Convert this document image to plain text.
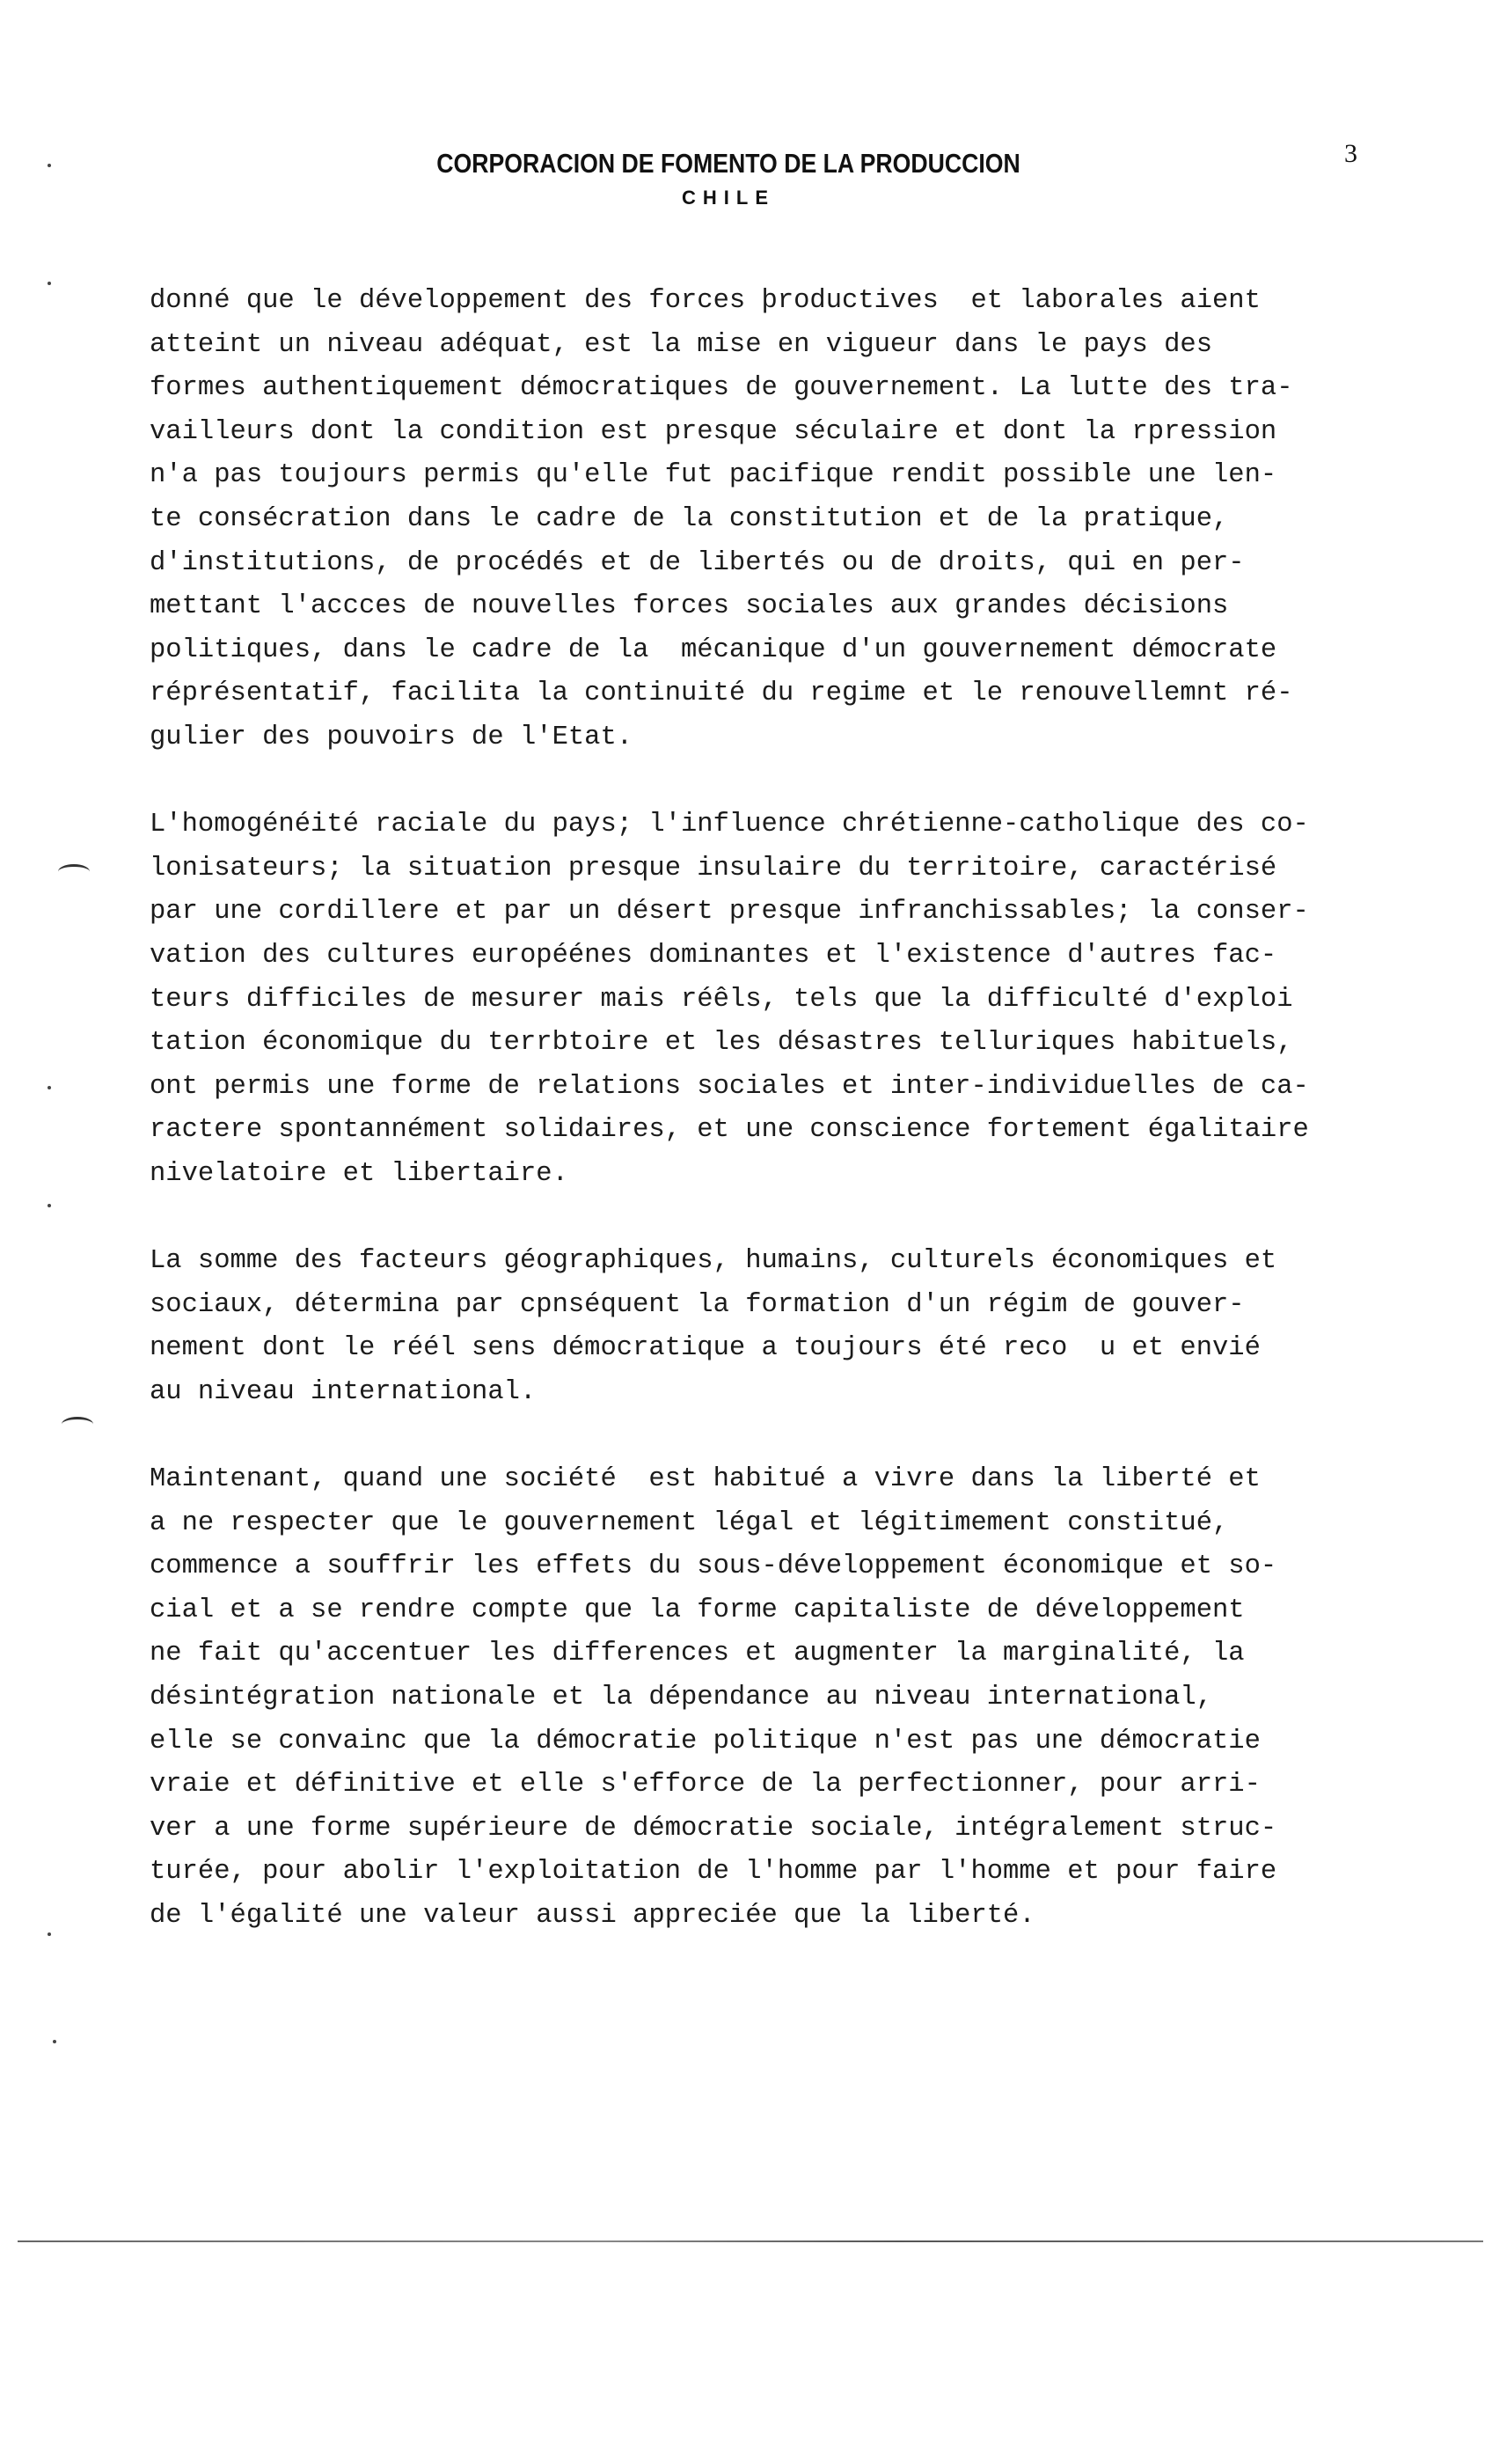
CORPORACION DE FOMENTO DE LA PRODUCCION
CHILE
3
donné que le développement des forces þroductives  et laborales aient
atteint un niveau adéquat, est la mise en vigueur dans le pays des
formes authentiquement démocratiques de gouvernement. La lutte des tra-
vailleurs dont la condition est presque séculaire et dont la rpression
n'a pas toujours permis qu'elle fut pacifique rendit possible une len-
te consécration dans le cadre de la constitution et de la pratique,
d'institutions, de procédés et de libertés ou de droits, qui en per-
mettant l'accces de nouvelles forces sociales aux grandes décisions
politiques, dans le cadre de la  mécanique d'un gouvernement démocrate
réprésentatif, facilita la continuité du regime et le renouvellemnt ré-
gulier des pouvoirs de l'Etat.
L'homogénéité raciale du pays; l'influence chrétienne-catholique des co-
lonisateurs; la situation presque insulaire du territoire, caractérisé
par une cordillere et par un désert presque infranchissables; la conser-
vation des cultures européénes dominantes et l'existence d'autres fac-
teurs difficiles de mesurer mais réêls, tels que la difficulté d'exploi
tation économique du terrbtoire et les désastres telluriques habituels,
ont permis une forme de relations sociales et inter-individuelles de ca-
ractere spontannément solidaires, et une conscience fortement égalitaire
nivelatoire et libertaire.
La somme des facteurs géographiques, humains, culturels économiques et
sociaux, détermina par cpnséquent la formation d'un régim de gouver-
nement dont le réél sens démocratique a toujours été reco  u et envié
au niveau international.
Maintenant, quand une société  est habitué a vivre dans la liberté et
a ne respecter que le gouvernement légal et légitimement constitué,
commence a souffrir les effets du sous-développement économique et so-
cial et a se rendre compte que la forme capitaliste de développement
ne fait qu'accentuer les differences et augmenter la marginalité, la
désintégration nationale et la dépendance au niveau international,
elle se convainc que la démocratie politique n'est pas une démocratie
vraie et définitive et elle s'efforce de la perfectionner, pour arri-
ver a une forme supérieure de démocratie sociale, intégralement struc-
turée, pour abolir l'exploitation de l'homme par l'homme et pour faire
de l'égalité une valeur aussi appreciée que la liberté.
